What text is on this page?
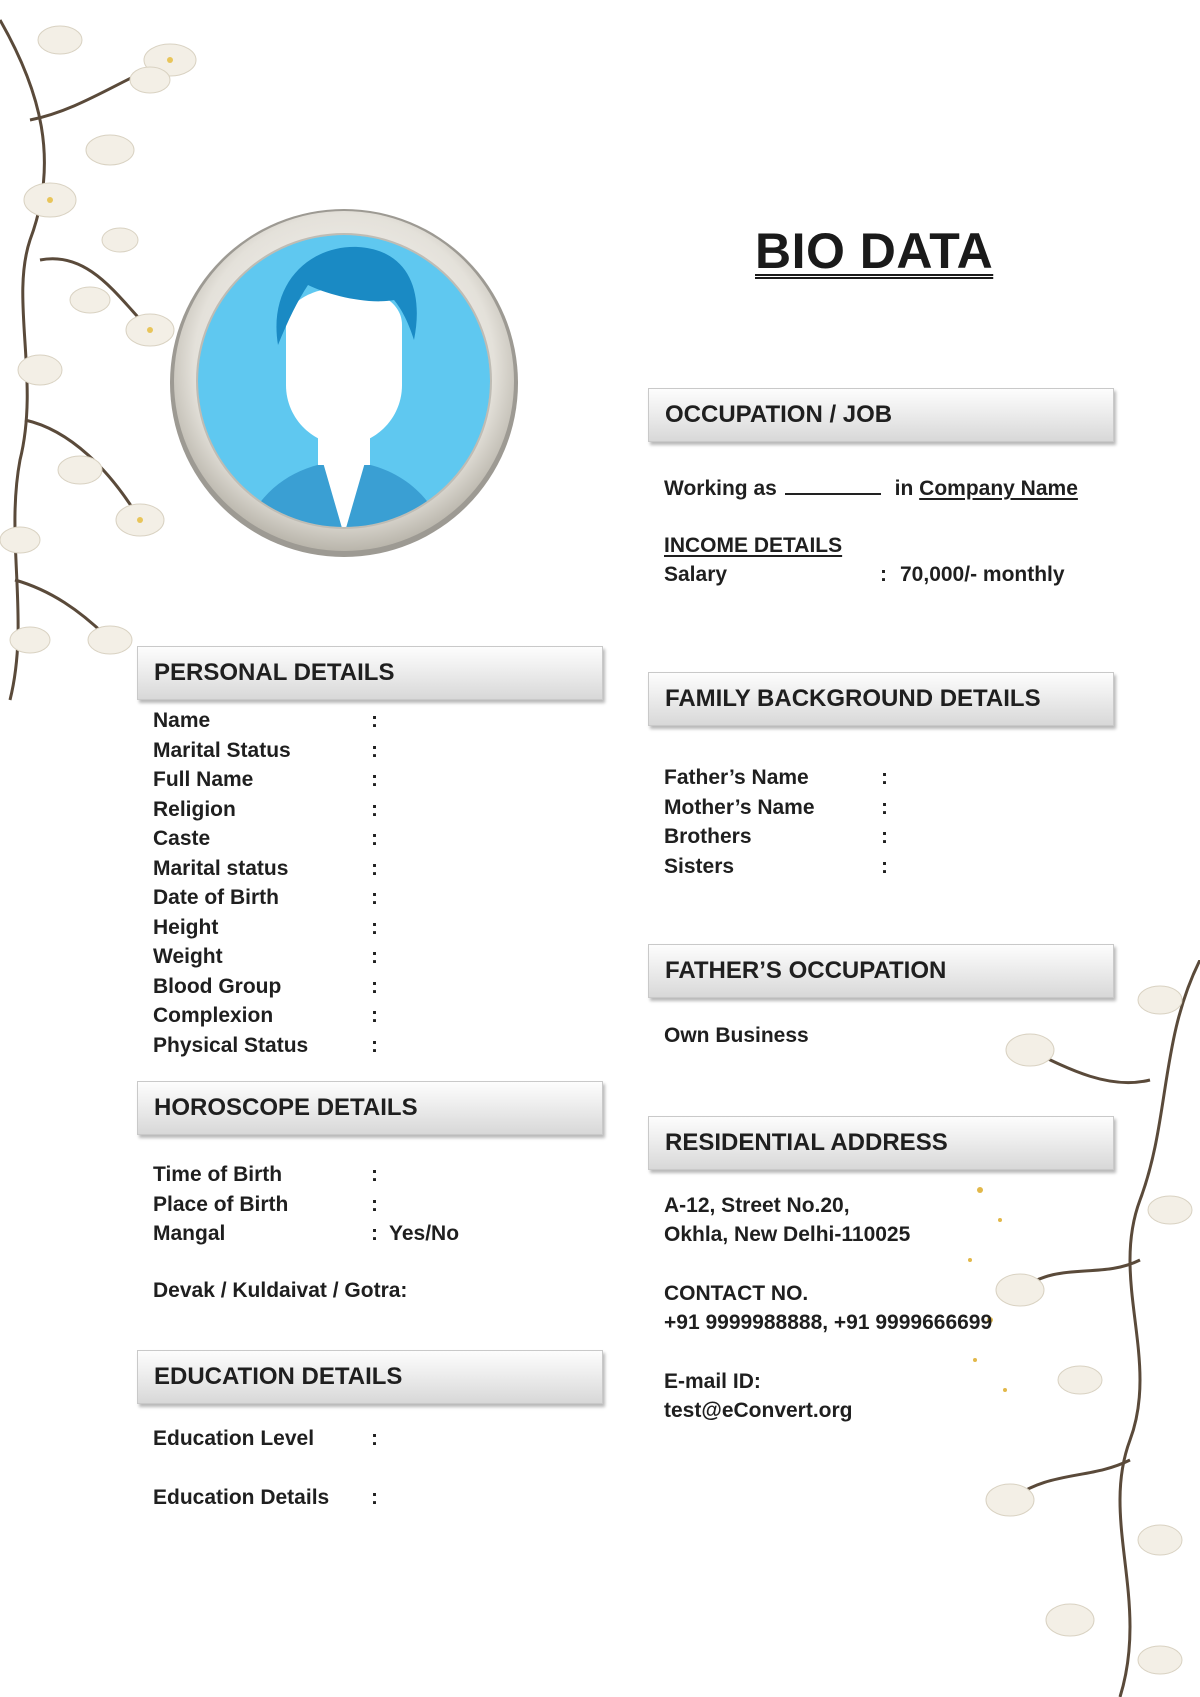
BIO DATA
OCCUPATION / JOB
Working as	in Company Name
INCOME DETAILS
Salary	: 70,000/- monthly
PERSONAL DETAILS
Name	:
Marital Status	:
Full Name	:
Religion	:
Caste	:
Marital status	:
Date of Birth	:
Height	:
Weight	:
Blood Group	:
Complexion	:
Physical Status	:
HOROSCOPE DETAILS
Time of Birth	:
Place of Birth	:
Mangal	: Yes/No
Devak / Kuldaivat / Gotra:
EDUCATION DETAILS
Education Level	:
Education Details :
FAMILY BACKGROUND DETAILS
Father’s Name	:
Mother’s Name	:
Brothers	:
Sisters	:
FATHER’S OCCUPATION
Own Business
RESIDENTIAL ADDRESS
A-12, Street No.20,
Okhla, New Delhi-110025
CONTACT NO.
+91 9999988888, +91 9999666699
E-mail ID:
test@eConvert.org
